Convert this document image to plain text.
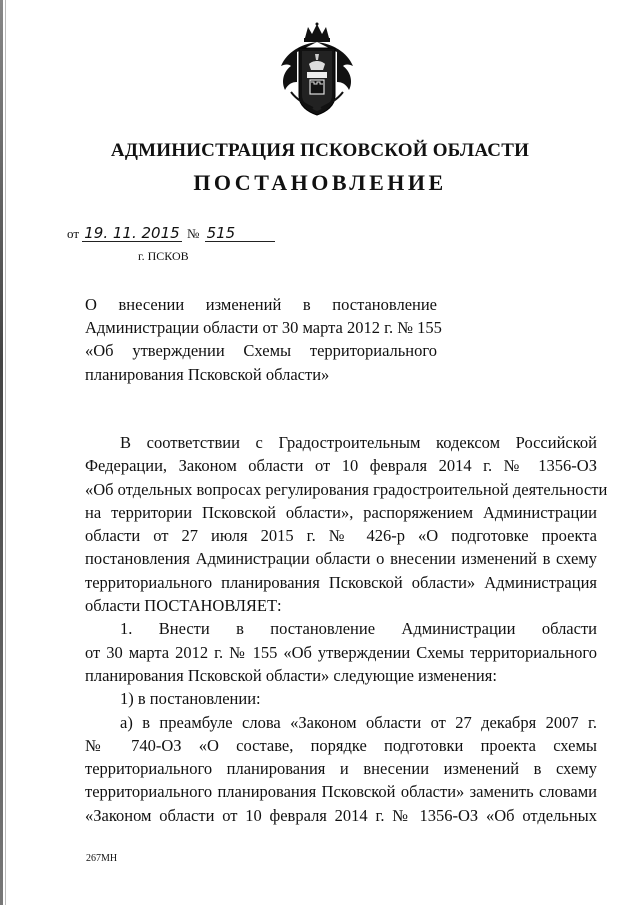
АДМИНИСТРАЦИЯ ПСКОВСКОЙ ОБЛАСТИ
ПОСТАНОВЛЕНИЕ
от 19. 11. 2015 № 515
г. ПСКОВ
О внесении изменений в постановление
Администрации области от 30 марта 2012 г. № 155
«Об утверждении Схемы территориального
планирования Псковской области»
В соответствии с Градостроительным кодексом Российской
Федерации, Законом области от 10 февраля 2014 г. № 1356-ОЗ
«Об отдельных вопросах регулирования градостроительной деятельности
на территории Псковской области», распоряжением Администрации
области от 27 июля 2015 г. № 426-р «О подготовке проекта
постановления Администрации области о внесении изменений в схему
территориального планирования Псковской области» Администрация
области ПОСТАНОВЛЯЕТ:
1. Внести в постановление Администрации области
от 30 марта 2012 г. № 155 «Об утверждении Схемы территориального
планирования Псковской области» следующие изменения:
1) в постановлении:
а) в преамбуле слова «Законом области от 27 декабря 2007 г.
№ 740-ОЗ «О составе, порядке подготовки проекта схемы
территориального планирования и внесении изменений в схему
территориального планирования Псковской области» заменить словами
«Законом области от 10 февраля 2014 г. № 1356-ОЗ «Об отдельных
267МН
